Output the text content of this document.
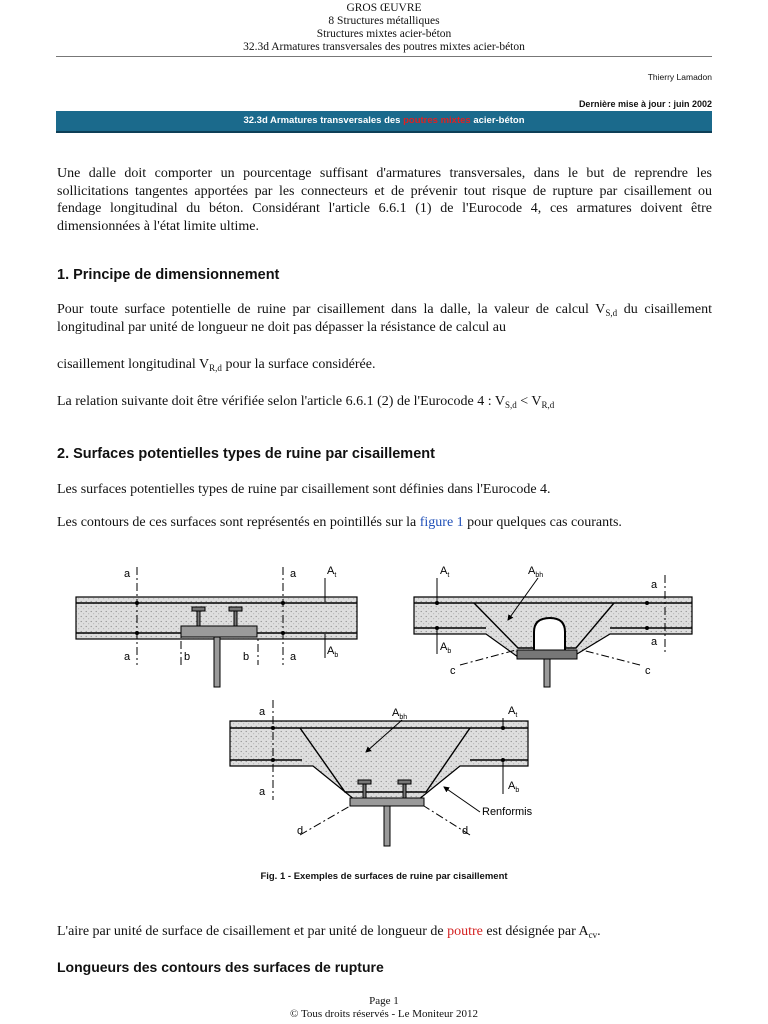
GROS ŒUVRE
8 Structures métalliques
Structures mixtes acier-béton
32.3d Armatures transversales des poutres mixtes acier-béton
Thierry Lamadon
Dernière mise à jour : juin 2002
32.3d Armatures transversales des poutres mixtes acier-béton
Une dalle doit comporter un pourcentage suffisant d'armatures transversales, dans le but de reprendre les sollicitations tangentes apportées par les connecteurs et de prévenir tout risque de rupture par cisaillement ou fendage longitudinal du béton. Considérant l'article 6.6.1 (1) de l'Eurocode 4, ces armatures doivent être dimensionnées à l'état limite ultime.
1. Principe de dimensionnement
Pour toute surface potentielle de ruine par cisaillement dans la dalle, la valeur de calcul $V_{S,d}$ du cisaillement longitudinal par unité de longueur ne doit pas dépasser la résistance de calcul au
cisaillement longitudinal $V_{R,d}$ pour la surface considérée.
La relation suivante doit être vérifiée selon l'article 6.6.1 (2) de l'Eurocode 4 : $V_{S,d} < V_{R,d}$
2. Surfaces potentielles types de ruine par cisaillement
Les surfaces potentielles types de ruine par cisaillement sont définies dans l'Eurocode 4.
Les contours de ces surfaces sont représentés en pointillés sur la figure 1 pour quelques cas courants.
a
a
a
a
b	b
$A_t$
$A_b$
a
a
c	c
$A_t$
$A_b$
$A_{bh}$
a
a
d	d
$A_t$
$A_b$
$A_{bh}$
Renformis
Fig. 1 - Exemples de surfaces de ruine par cisaillement
L'aire par unité de surface de cisaillement et par unité de longueur de poutre est désignée par $A_{cv}$.
Longueurs des contours des surfaces de rupture
Page 1
© Tous droits réservés - Le Moniteur 2012
